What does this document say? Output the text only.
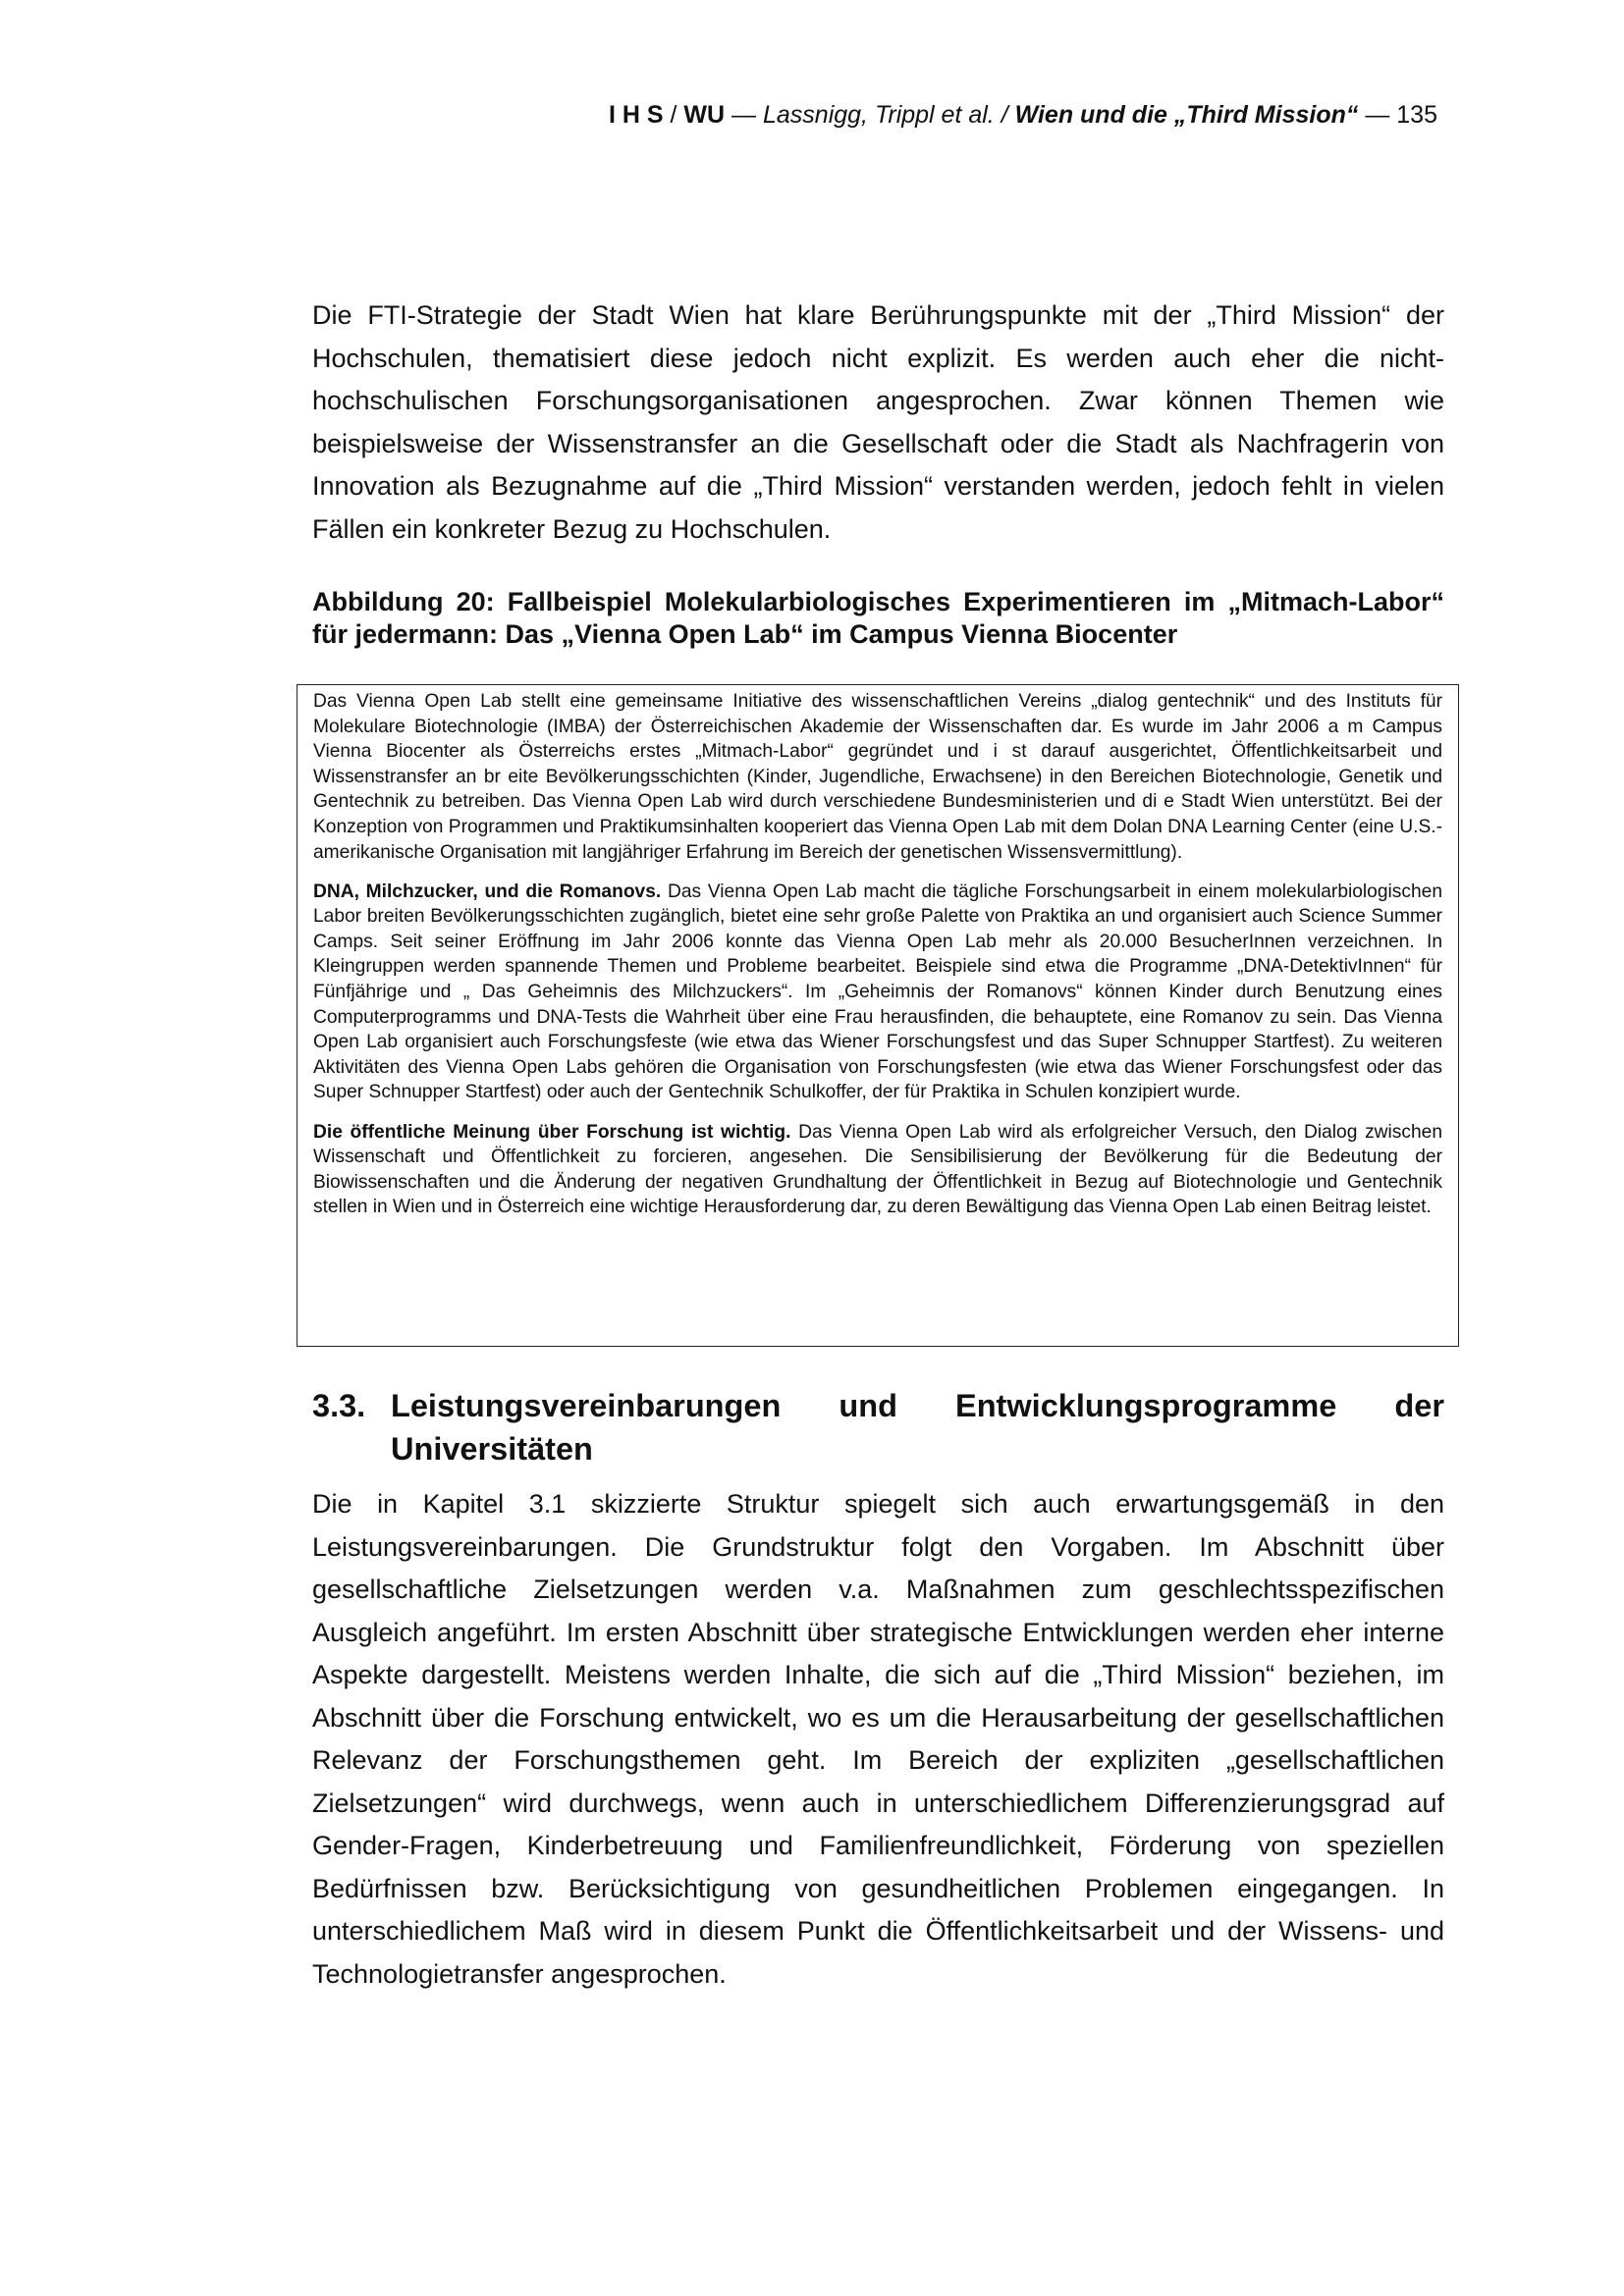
I H S / WU — Lassnigg, Trippl et al. / Wien und die „Third Mission“ — 135

Die FTI-Strategie der Stadt Wien hat klare Berührungspunkte mit der „Third Mission“ der Hochschulen, thematisiert diese jedoch nicht explizit. Es werden auch eher die nicht-hochschulischen Forschungsorganisationen angesprochen. Zwar können Themen wie beispielsweise der Wissenstransfer an die Gesellschaft oder die Stadt als Nachfragerin von Innovation als Bezugnahme auf die „Third Mission“ verstanden werden, jedoch fehlt in vielen Fällen ein konkreter Bezug zu Hochschulen.

Abbildung 20: Fallbeispiel Molekularbiologisches Experimentieren im „Mitmach-Labor“ für jedermann: Das „Vienna Open Lab“ im Campus Vienna Biocenter

Das Vienna Open Lab stellt eine gemeinsame Initiative des wissenschaftlichen Vereins „dialog gentechnik“ und des Instituts für Molekulare Biotechnologie (IMBA) der Österreichischen Akademie der Wissenschaften dar. Es wurde im Jahr 2006 a m Campus Vienna Biocenter als Österreichs erstes „Mitmach-Labor“ gegründet und i st darauf ausgerichtet, Öffentlichkeitsarbeit und Wissenstransfer an br eite Bevölkerungsschichten (Kinder, Jugendliche, Erwachsene) in den Bereichen Biotechnologie, Genetik und Gentechnik zu betreiben. Das Vienna Open Lab wird durch verschiedene Bundesministerien und di e Stadt Wien unterstützt. Bei der Konzeption von Programmen und Praktikumsinhalten kooperiert das Vienna Open Lab mit dem Dolan DNA Learning Center (eine U.S.-amerikanische Organisation mit langjähriger Erfahrung im Bereich der genetischen Wissensvermittlung).

DNA, Milchzucker, und die Romanovs. Das Vienna Open Lab macht die tägliche Forschungsarbeit in einem molekularbiologischen Labor breiten Bevölkerungsschichten zugänglich, bietet eine sehr große Palette von Praktika an und organisiert auch Science Summer Camps. Seit seiner Eröffnung im Jahr 2006 konnte das Vienna Open Lab mehr als 20.000 BesucherInnen verzeichnen. In Kleingruppen werden spannende Themen und Probleme bearbeitet. Beispiele sind etwa die Programme „DNA-DetektivInnen“ für Fünfjährige und „ Das Geheimnis des Milchzuckers“. Im „Geheimnis der Romanovs“ können Kinder durch Benutzung eines Computerprogramms und DNA-Tests die Wahrheit über eine Frau herausfinden, die behauptete, eine Romanov zu sein. Das Vienna Open Lab organisiert auch Forschungsfeste (wie etwa das Wiener Forschungsfest und das Super Schnupper Startfest). Zu weiteren Aktivitäten des Vienna Open Labs gehören die Organisation von Forschungsfesten (wie etwa das Wiener Forschungsfest oder das Super Schnupper Startfest) oder auch der Gentechnik Schulkoffer, der für Praktika in Schulen konzipiert wurde.

Die öffentliche Meinung über Forschung ist wichtig. Das Vienna Open Lab wird als erfolgreicher Versuch, den Dialog zwischen Wissenschaft und Öffentlichkeit zu forcieren, angesehen. Die Sensibilisierung der Bevölkerung für die Bedeutung der Biowissenschaften und die Änderung der negativen Grundhaltung der Öffentlichkeit in Bezug auf Biotechnologie und Gentechnik stellen in Wien und in Österreich eine wichtige Herausforderung dar, zu deren Bewältigung das Vienna Open Lab einen Beitrag leistet.

3.3. Leistungsvereinbarungen und Entwicklungsprogramme der
Universitäten

Die in Kapitel 3.1 skizzierte Struktur spiegelt sich auch erwartungsgemäß in den Leistungsvereinbarungen. Die Grundstruktur folgt den Vorgaben. Im Abschnitt über gesellschaftliche Zielsetzungen werden v.a. Maßnahmen zum geschlechtsspezifischen Ausgleich angeführt. Im ersten Abschnitt über strategische Entwicklungen werden eher interne Aspekte dargestellt. Meistens werden Inhalte, die sich auf die „Third Mission“ beziehen, im Abschnitt über die Forschung entwickelt, wo es um die Herausarbeitung der gesellschaftlichen Relevanz der Forschungsthemen geht. Im Bereich der expliziten „gesellschaftlichen Zielsetzungen“ wird durchwegs, wenn auch in unterschiedlichem Differenzierungsgrad auf Gender-Fragen, Kinderbetreuung und Familienfreundlichkeit, Förderung von speziellen Bedürfnissen bzw. Berücksichtigung von gesundheitlichen Problemen eingegangen. In unterschiedlichem Maß wird in diesem Punkt die Öffentlichkeitsarbeit und der Wissens- und Technologietransfer angesprochen.
